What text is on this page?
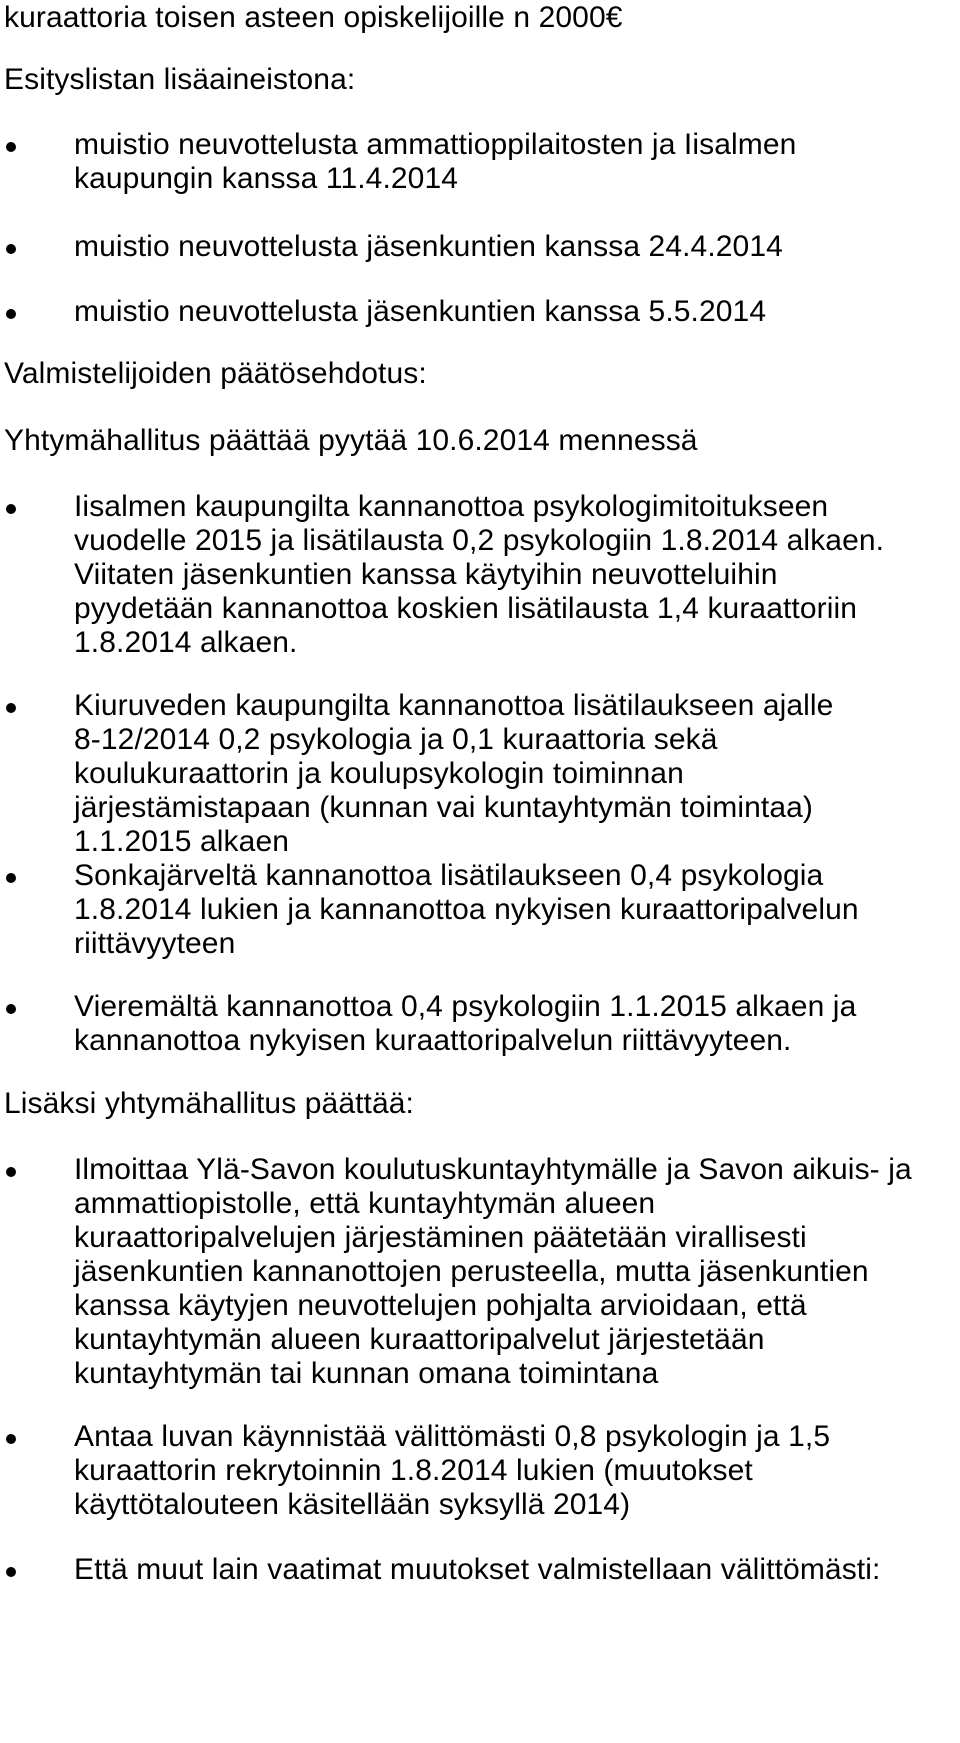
kuraattoria toisen asteen opiskelijoille n 2000€
Esityslistan lisäaineistona:
muistio neuvottelusta ammattioppilaitosten ja Iisalmen
kaupungin kanssa 11.4.2014
muistio neuvottelusta jäsenkuntien kanssa 24.4.2014
muistio neuvottelusta jäsenkuntien kanssa 5.5.2014
Valmistelijoiden päätösehdotus:
Yhtymähallitus päättää pyytää 10.6.2014 mennessä
Iisalmen kaupungilta kannanottoa psykologimitoitukseen
vuodelle 2015 ja lisätilausta 0,2 psykologiin 1.8.2014 alkaen.
Viitaten jäsenkuntien kanssa käytyihin neuvotteluihin
pyydetään kannanottoa koskien lisätilausta 1,4 kuraattoriin
1.8.2014 alkaen.
Kiuruveden kaupungilta kannanottoa lisätilaukseen ajalle
8-12/2014 0,2 psykologia ja 0,1 kuraattoria sekä
koulukuraattorin ja koulupsykologin toiminnan
järjestämistapaan (kunnan vai kuntayhtymän toimintaa)
1.1.2015 alkaen
Sonkajärveltä kannanottoa lisätilaukseen 0,4 psykologia
1.8.2014 lukien ja kannanottoa nykyisen kuraattoripalvelun
riittävyyteen
Vieremältä kannanottoa 0,4 psykologiin 1.1.2015 alkaen ja
kannanottoa nykyisen kuraattoripalvelun riittävyyteen.
Lisäksi yhtymähallitus päättää:
Ilmoittaa Ylä-Savon koulutuskuntayhtymälle ja Savon aikuis- ja
ammattiopistolle, että kuntayhtymän alueen
kuraattoripalvelujen järjestäminen päätetään virallisesti
jäsenkuntien kannanottojen perusteella, mutta jäsenkuntien
kanssa käytyjen neuvottelujen pohjalta arvioidaan, että
kuntayhtymän alueen kuraattoripalvelut järjestetään
kuntayhtymän tai kunnan omana toimintana
Antaa luvan käynnistää välittömästi 0,8 psykologin ja 1,5
kuraattorin rekrytoinnin 1.8.2014 lukien (muutokset
käyttötalouteen käsitellään syksyllä 2014)
Että muut lain vaatimat muutokset valmistellaan välittömästi:
